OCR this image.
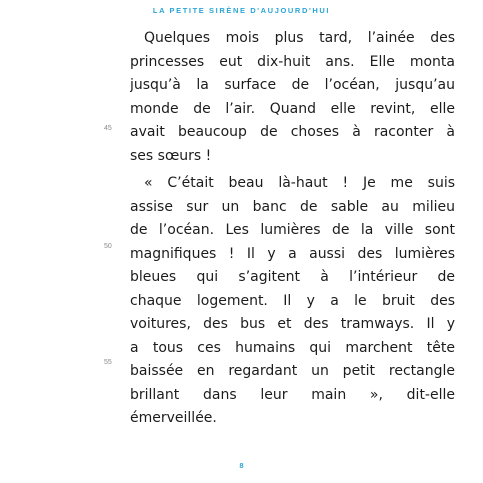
LA PETITE SIRÈNE D'AUJOURD'HUI
Quelques mois plus tard, l’ainée des
princesses eut dix-huit ans. Elle monta
jusqu’à la surface de l’océan, jusqu’au
monde de l’air. Quand elle revint, elle
avait beaucoup de choses à raconter à
ses sœurs !
« C’était beau là-haut ! Je me suis
assise sur un banc de sable au milieu
de l’océan. Les lumières de la ville sont
magnifiques ! Il y a aussi des lumières
bleues qui s’agitent à l’intérieur de
chaque logement. Il y a le bruit des
voitures, des bus et des tramways. Il y
a tous ces humains qui marchent tête
baissée en regardant un petit rectangle
brillant dans leur main », dit-elle
émerveillée.
45
50
55
8
